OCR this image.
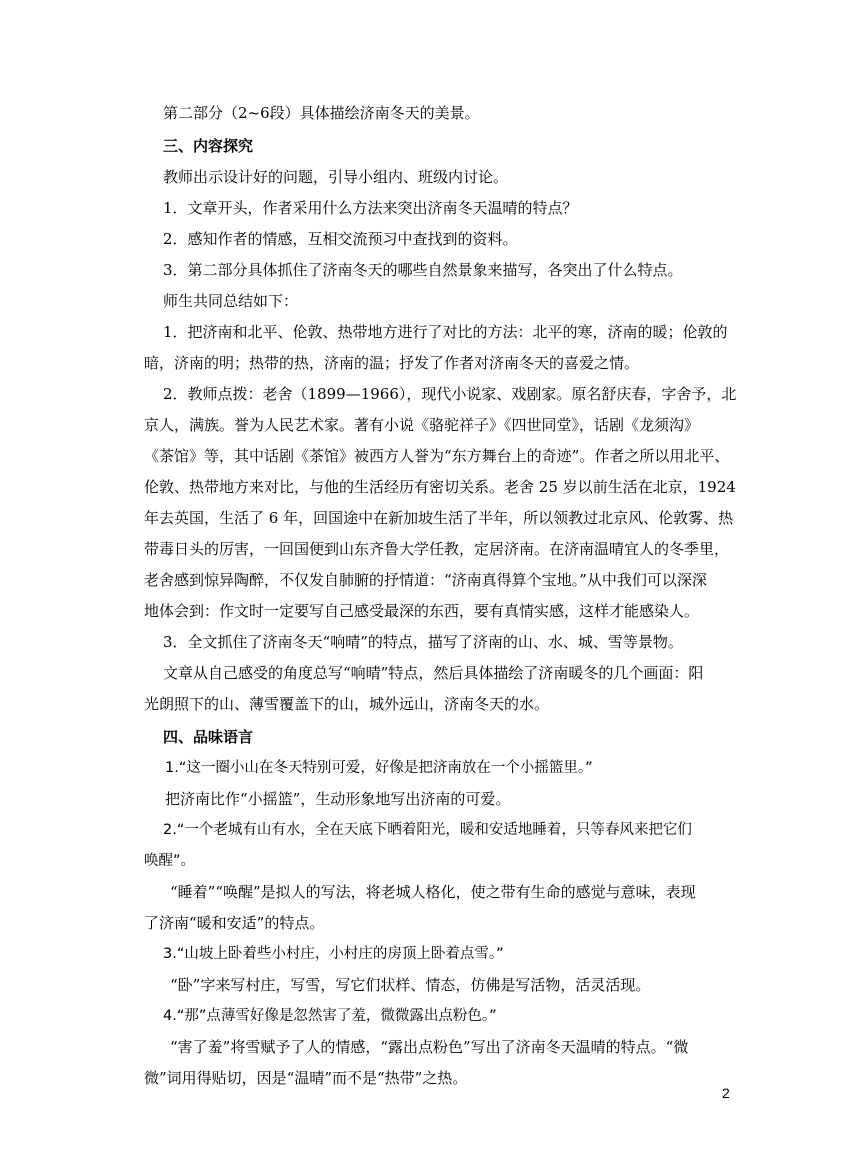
第二部分（2~6段）具体描绘济南冬天的美景。
三、内容探究
教师出示设计好的问题，引导小组内、班级内讨论。
1．文章开头，作者采用什么方法来突出济南冬天温晴的特点？
2．感知作者的情感，互相交流预习中查找到的资料。
3．第二部分具体抓住了济南冬天的哪些自然景象来描写，各突出了什么特点。
师生共同总结如下：
1．把济南和北平、伦敦、热带地方进行了对比的方法：北平的寒，济南的暖；伦敦的
暗，济南的明；热带的热，济南的温；抒发了作者对济南冬天的喜爱之情。
2．教师点拨：老舍（1899—1966），现代小说家、戏剧家。原名舒庆春，字舍予，北
京人，满族。誉为人民艺术家。著有小说《骆驼祥子》《四世同堂》，话剧《龙须沟》
《茶馆》等，其中话剧《茶馆》被西方人誉为“东方舞台上的奇迹”。作者之所以用北平、
伦敦、热带地方来对比，与他的生活经历有密切关系。老舍 25 岁以前生活在北京，1924
年去英国，生活了 6 年，回国途中在新加坡生活了半年，所以领教过北京风、伦敦雾、热
带毒日头的厉害，一回国便到山东齐鲁大学任教，定居济南。在济南温晴宜人的冬季里，
老舍感到惊异陶醉，不仅发自肺腑的抒情道：“济南真得算个宝地。”从中我们可以深深
地体会到：作文时一定要写自己感受最深的东西，要有真情实感，这样才能感染人。
3．全文抓住了济南冬天“响晴”的特点，描写了济南的山、水、城、雪等景物。
文章从自己感受的角度总写“响晴”特点，然后具体描绘了济南暖冬的几个画面：阳
光朗照下的山、薄雪覆盖下的山，城外远山，济南冬天的水。
四、品味语言
1.“这一圈小山在冬天特别可爱，好像是把济南放在一个小摇篮里。”
把济南比作“小摇篮”，生动形象地写出济南的可爱。
2.“一个老城有山有水，全在天底下晒着阳光，暖和安适地睡着，只等春风来把它们
唤醒”。
“睡着”“唤醒”是拟人的写法，将老城人格化，使之带有生命的感觉与意味，表现
了济南“暖和安适”的特点。
3.“山坡上卧着些小村庄，小村庄的房顶上卧着点雪。”
“卧”字来写村庄，写雪，写它们状样、情态，仿佛是写活物，活灵活现。
4.“那”点薄雪好像是忽然害了羞，微微露出点粉色。”
“害了羞”将雪赋予了人的情感，“露出点粉色”写出了济南冬天温晴的特点。“微
微”词用得贴切，因是“温晴”而不是“热带”之热。
2
